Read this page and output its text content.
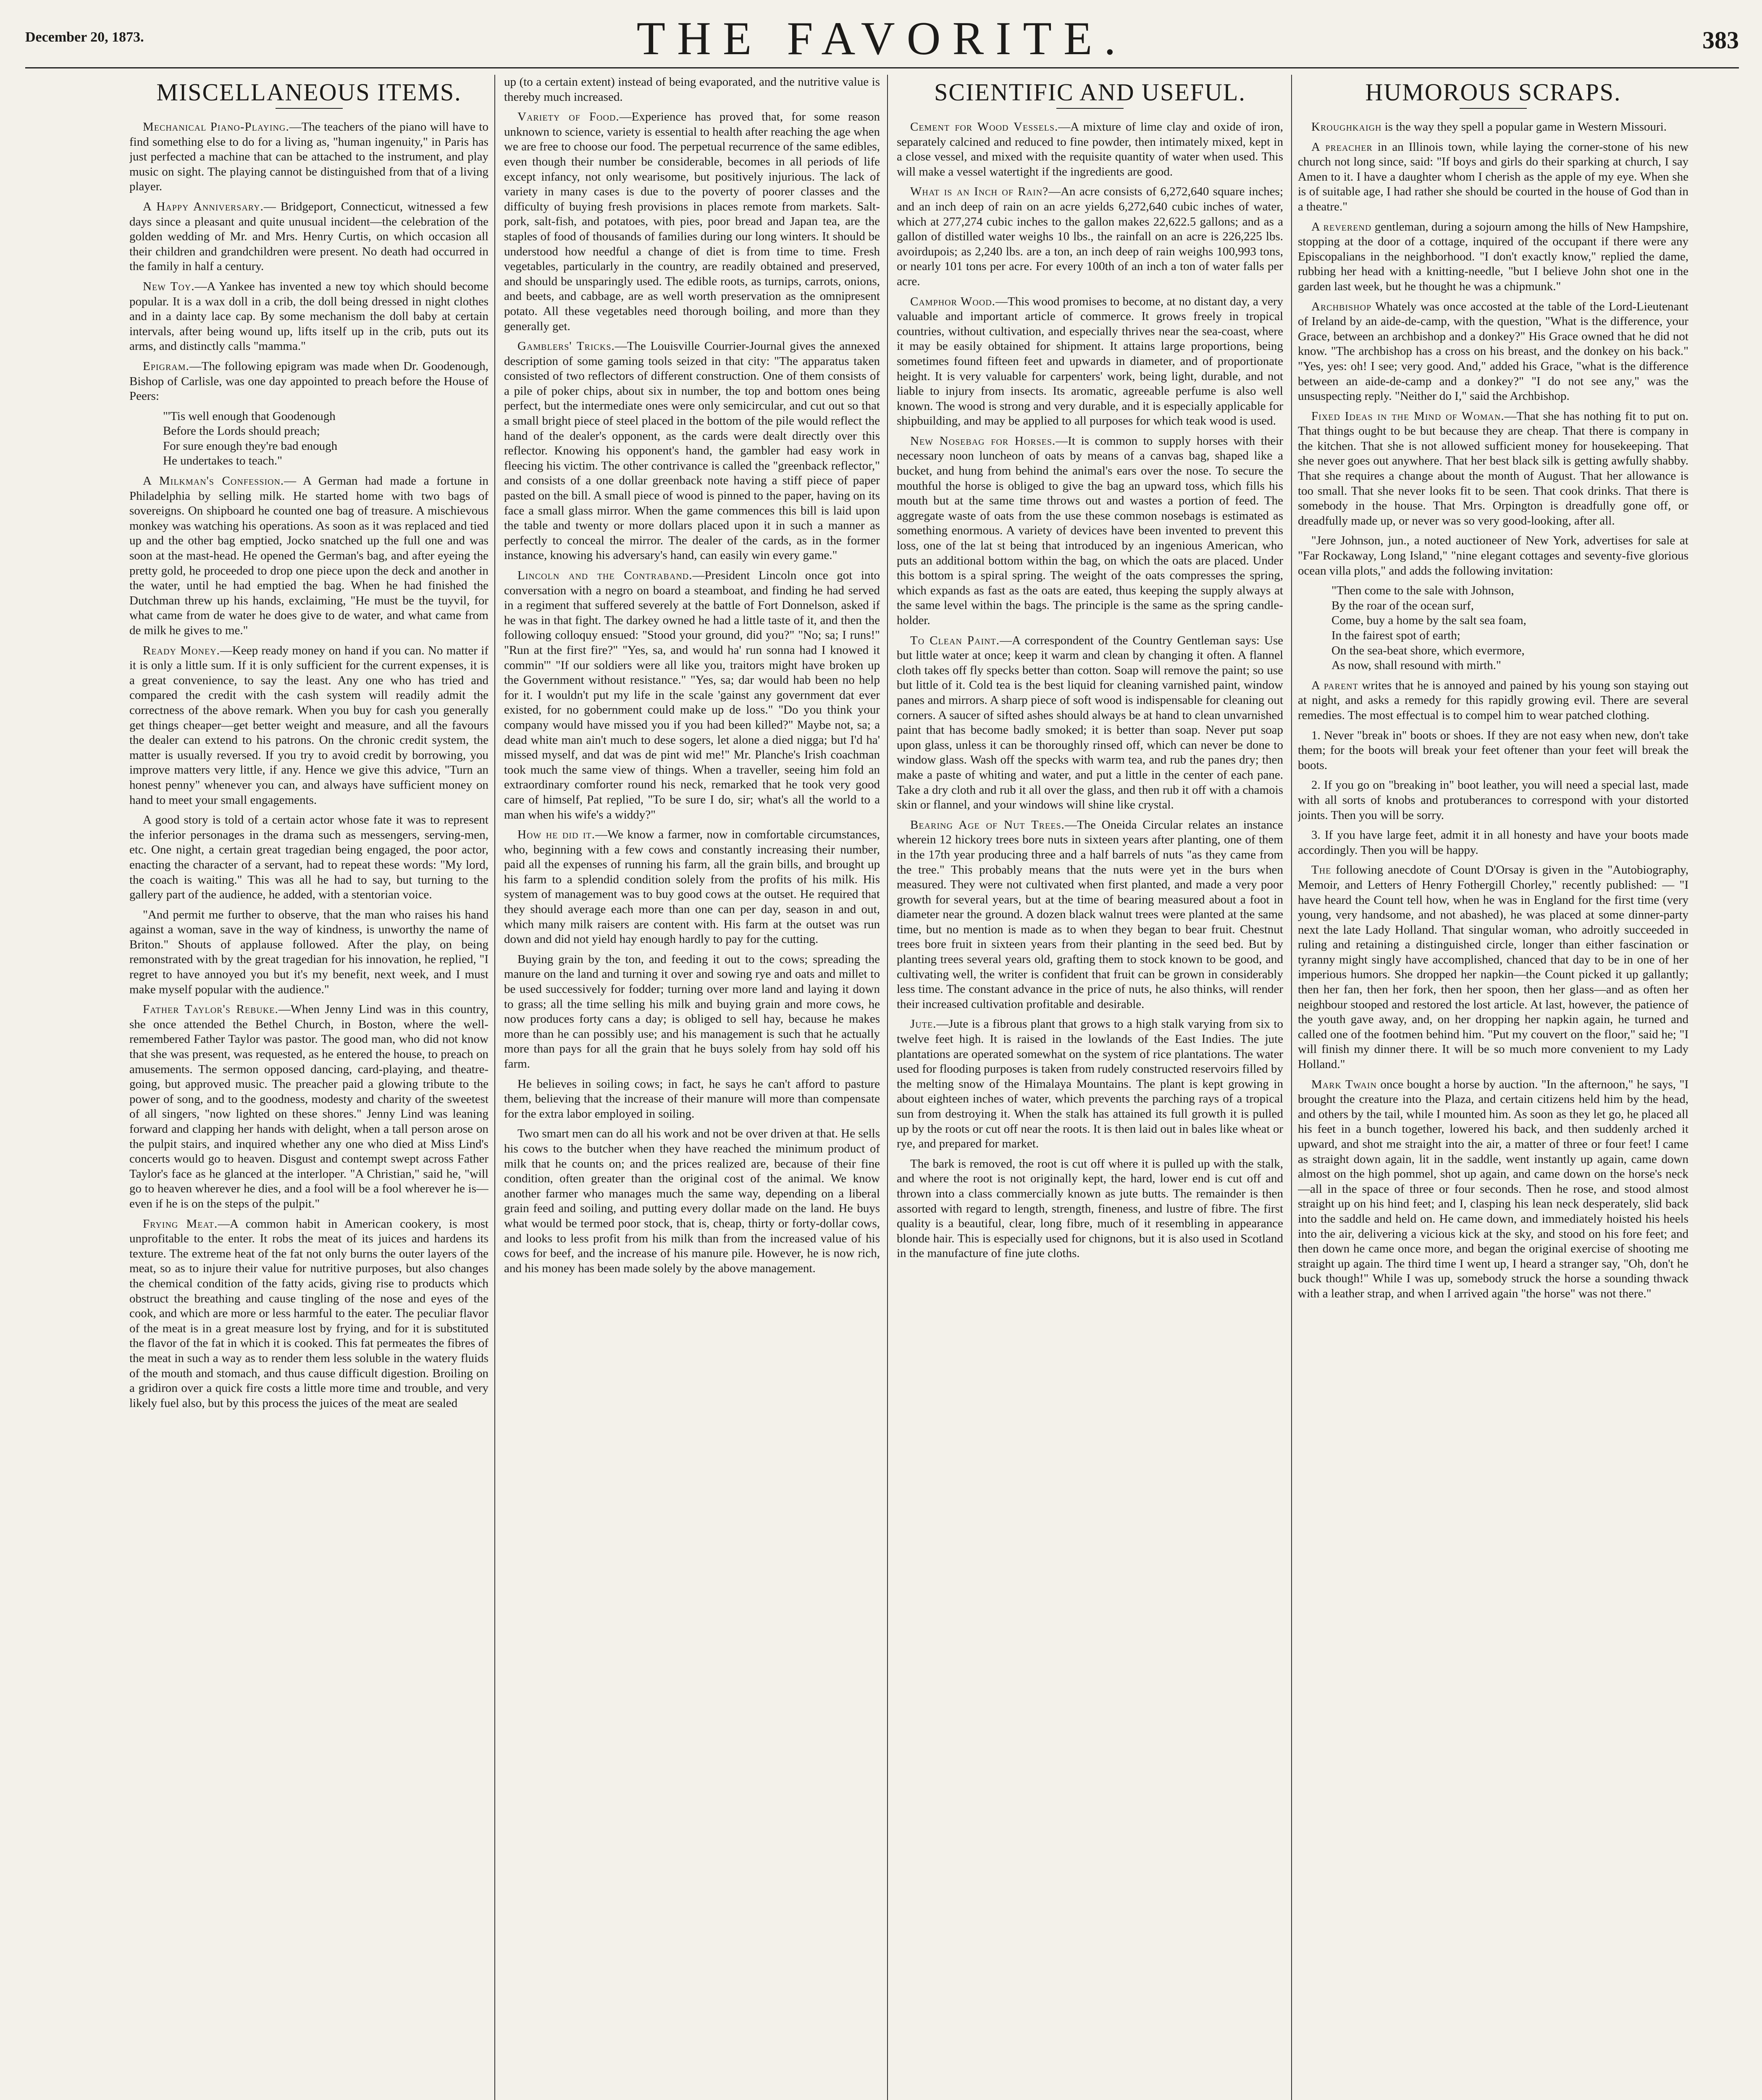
December 20, 1873.	THE FAVORITE.	383
MISCELLANEOUS ITEMS.

Mechanical Piano-Playing.—The teachers of the piano will have to find something else to do for a living as, "human ingenuity," in Paris has just perfected a machine that can be attached to the instrument, and play music on sight. The playing cannot be distinguished from that of a living player.

A Happy Anniversary.— Bridgeport, Connecticut, witnessed a few days since a pleasant and quite unusual incident—the celebration of the golden wedding of Mr. and Mrs. Henry Curtis, on which occasion all their children and grandchildren were present. No death had occurred in the family in half a century.

New Toy.—A Yankee has invented a new toy which should become popular. It is a wax doll in a crib, the doll being dressed in night clothes and in a dainty lace cap. By some mechanism the doll baby at certain intervals, after being wound up, lifts itself up in the crib, puts out its arms, and distinctly calls "mamma."

Epigram.—The following epigram was made when Dr. Goodenough, Bishop of Carlisle, was one day appointed to preach before the House of Peers:

"'Tis well enough that Goodenough
Before the Lords should preach;
For sure enough they're bad enough
He undertakes to teach."

A Milkman's Confession.— A German had made a fortune in Philadelphia by selling milk. He started home with two bags of sovereigns. On shipboard he counted one bag of treasure. A mischievous monkey was watching his operations. As soon as it was replaced and tied up and the other bag emptied, Jocko snatched up the full one and was soon at the mast-head. He opened the German's bag, and after eyeing the pretty gold, he proceeded to drop one piece upon the deck and another in the water, until he had emptied the bag. When he had finished the Dutchman threw up his hands, exclaiming, "He must be the tuyvil, for what came from de water he does give to de water, and what came from de milk he gives to me."

Ready Money.—Keep ready money on hand if you can. No matter if it is only a little sum. If it is only sufficient for the current expenses, it is a great convenience, to say the least. Any one who has tried and compared the credit with the cash system will readily admit the correctness of the above remark. When you buy for cash you generally get things cheaper—get better weight and measure, and all the favours the dealer can extend to his patrons. On the chronic credit system, the matter is usually reversed. If you try to avoid credit by borrowing, you improve matters very little, if any. Hence we give this advice, "Turn an honest penny" whenever you can, and always have sufficient money on hand to meet your small engagements.

A good story is told of a certain actor whose fate it was to represent the inferior personages in the drama such as messengers, serving-men, etc. One night, a certain great tragedian being engaged, the poor actor, enacting the character of a servant, had to repeat these words: "My lord, the coach is waiting." This was all he had to say, but turning to the gallery part of the audience, he added, with a stentorian voice.

"And permit me further to observe, that the man who raises his hand against a woman, save in the way of kindness, is unworthy the name of Briton." Shouts of applause followed. After the play, on being remonstrated with by the great tragedian for his innovation, he replied, "I regret to have annoyed you but it's my benefit, next week, and I must make myself popular with the audience."

Father Taylor's Rebuke.—When Jenny Lind was in this country, she once attended the Bethel Church, in Boston, where the well-remembered Father Taylor was pastor. The good man, who did not know that she was present, was requested, as he entered the house, to preach on amusements. The sermon opposed dancing, card-playing, and theatre-going, but approved music. The preacher paid a glowing tribute to the power of song, and to the goodness, modesty and charity of the sweetest of all singers, "now lighted on these shores." Jenny Lind was leaning forward and clapping her hands with delight, when a tall person arose on the pulpit stairs, and inquired whether any one who died at Miss Lind's concerts would go to heaven. Disgust and contempt swept across Father Taylor's face as he glanced at the interloper. "A Christian," said he, "will go to heaven wherever he dies, and a fool will be a fool wherever he is—even if he is on the steps of the pulpit."

Frying Meat.—A common habit in American cookery, is most unprofitable to the enter. It robs the meat of its juices and hardens its texture. The extreme heat of the fat not only burns the outer layers of the meat, so as to injure their value for nutritive purposes, but also changes the chemical condition of the fatty acids, giving rise to products which obstruct the breathing and cause tingling of the nose and eyes of the cook, and which are more or less harmful to the eater. The peculiar flavor of the meat is in a great measure lost by frying, and for it is substituted the flavor of the fat in which it is cooked. This fat permeates the fibres of the meat in such a way as to render them less soluble in the watery fluids of the mouth and stomach, and thus cause difficult digestion. Broiling on a gridiron over a quick fire costs a little more time and trouble, and very likely fuel also, but by this process the juices of the meat are sealed

up (to a certain extent) instead of being evaporated, and the nutritive value is thereby much increased.

Variety of Food.—Experience has proved that, for some reason unknown to science, variety is essential to health after reaching the age when we are free to choose our food. The perpetual recurrence of the same edibles, even though their number be considerable, becomes in all periods of life except infancy, not only wearisome, but positively injurious. The lack of variety in many cases is due to the poverty of poorer classes and the difficulty of buying fresh provisions in places remote from markets. Salt-pork, salt-fish, and potatoes, with pies, poor bread and Japan tea, are the staples of food of thousands of families during our long winters. It should be understood how needful a change of diet is from time to time. Fresh vegetables, particularly in the country, are readily obtained and preserved, and should be unsparingly used. The edible roots, as turnips, carrots, onions, and beets, and cabbage, are as well worth preservation as the omnipresent potato. All these vegetables need thorough boiling, and more than they generally get.

Gamblers' Tricks.—The Louisville Courrier-Journal gives the annexed description of some gaming tools seized in that city: "The apparatus taken consisted of two reflectors of different construction. One of them consists of a pile of poker chips, about six in number, the top and bottom ones being perfect, but the intermediate ones were only semicircular, and cut out so that a small bright piece of steel placed in the bottom of the pile would reflect the hand of the dealer's opponent, as the cards were dealt directly over this reflector. Knowing his opponent's hand, the gambler had easy work in fleecing his victim. The other contrivance is called the "greenback reflector," and consists of a one dollar greenback note having a stiff piece of paper pasted on the bill. A small piece of wood is pinned to the paper, having on its face a small glass mirror. When the game commences this bill is laid upon the table and twenty or more dollars placed upon it in such a manner as perfectly to conceal the mirror. The dealer of the cards, as in the former instance, knowing his adversary's hand, can easily win every game."

Lincoln and the Contraband.—President Lincoln once got into conversation with a negro on board a steamboat, and finding he had served in a regiment that suffered severely at the battle of Fort Donnelson, asked if he was in that fight. The darkey owned he had a little taste of it, and then the following colloquy ensued: "Stood your ground, did you?" "No; sa; I runs!" "Run at the first fire?" "Yes, sa, and would ha' run sonna had I knowed it commin'" "If our soldiers were all like you, traitors might have broken up the Government without resistance." "Yes, sa; dar would hab been no help for it. I wouldn't put my life in the scale 'gainst any government dat ever existed, for no gobernment could make up de loss." "Do you think your company would have missed you if you had been killed?" Maybe not, sa; a dead white man ain't much to dese sogers, let alone a died nigga; but I'd ha' missed myself, and dat was de pint wid me!" Mr. Planche's Irish coachman took much the same view of things. When a traveller, seeing him fold an extraordinary comforter round his neck, remarked that he took very good care of himself, Pat replied, "To be sure I do, sir; what's all the world to a man when his wife's a widdy?"

How he did it.—We know a farmer, now in comfortable circumstances, who, beginning with a few cows and constantly increasing their number, paid all the expenses of running his farm, all the grain bills, and brought up his farm to a splendid condition solely from the profits of his milk. His system of management was to buy good cows at the outset. He required that they should average each more than one can per day, season in and out, which many milk raisers are content with. His farm at the outset was run down and did not yield hay enough hardly to pay for the cutting.

Buying grain by the ton, and feeding it out to the cows; spreading the manure on the land and turning it over and sowing rye and oats and millet to be used successively for fodder; turning over more land and laying it down to grass; all the time selling his milk and buying grain and more cows, he now produces forty cans a day; is obliged to sell hay, because he makes more than he can possibly use; and his management is such that he actually more than pays for all the grain that he buys solely from hay sold off his farm.

He believes in soiling cows; in fact, he says he can't afford to pasture them, believing that the increase of their manure will more than compensate for the extra labor employed in soiling.

Two smart men can do all his work and not be over driven at that. He sells his cows to the butcher when they have reached the minimum product of milk that he counts on; and the prices realized are, because of their fine condition, often greater than the original cost of the animal. We know another farmer who manages much the same way, depending on a liberal grain feed and soiling, and putting every dollar made on the land. He buys what would be termed poor stock, that is, cheap, thirty or forty-dollar cows, and looks to less profit from his milk than from the increased value of his cows for beef, and the increase of his manure pile. However, he is now rich, and his money has been made solely by the above management.

SCIENTIFIC AND USEFUL.

Cement for Wood Vessels.—A mixture of lime clay and oxide of iron, separately calcined and reduced to fine powder, then intimately mixed, kept in a close vessel, and mixed with the requisite quantity of water when used. This will make a vessel watertight if the ingredients are good.

What is an Inch of Rain?—An acre consists of 6,272,640 square inches; and an inch deep of rain on an acre yields 6,272,640 cubic inches of water, which at 277,274 cubic inches to the gallon makes 22,622.5 gallons; and as a gallon of distilled water weighs 10 lbs., the rainfall on an acre is 226,225 lbs. avoirdupois; as 2,240 lbs. are a ton, an inch deep of rain weighs 100,993 tons, or nearly 101 tons per acre. For every 100th of an inch a ton of water falls per acre.

Camphor Wood.—This wood promises to become, at no distant day, a very valuable and important article of commerce. It grows freely in tropical countries, without cultivation, and especially thrives near the sea-coast, where it may be easily obtained for shipment. It attains large proportions, being sometimes found fifteen feet and upwards in diameter, and of proportionate height. It is very valuable for carpenters' work, being light, durable, and not liable to injury from insects. Its aromatic, agreeable perfume is also well known. The wood is strong and very durable, and it is especially applicable for shipbuilding, and may be applied to all purposes for which teak wood is used.

New Nosebag for Horses.—It is common to supply horses with their necessary noon luncheon of oats by means of a canvas bag, shaped like a bucket, and hung from behind the animal's ears over the nose. To secure the mouthful the horse is obliged to give the bag an upward toss, which fills his mouth but at the same time throws out and wastes a portion of feed. The aggregate waste of oats from the use these common nosebags is estimated as something enormous. A variety of devices have been invented to prevent this loss, one of the lat st being that introduced by an ingenious American, who puts an additional bottom within the bag, on which the oats are placed. Under this bottom is a spiral spring. The weight of the oats compresses the spring, which expands as fast as the oats are eated, thus keeping the supply always at the same level within the bags. The principle is the same as the spring candle-holder.

To Clean Paint.—A correspondent of the Country Gentleman says: Use but little water at once; keep it warm and clean by changing it often. A flannel cloth takes off fly specks better than cotton. Soap will remove the paint; so use but little of it. Cold tea is the best liquid for cleaning varnished paint, window panes and mirrors. A sharp piece of soft wood is indispensable for cleaning out corners. A saucer of sifted ashes should always be at hand to clean unvarnished paint that has become badly smoked; it is better than soap. Never put soap upon glass, unless it can be thoroughly rinsed off, which can never be done to window glass. Wash off the specks with warm tea, and rub the panes dry; then make a paste of whiting and water, and put a little in the center of each pane. Take a dry cloth and rub it all over the glass, and then rub it off with a chamois skin or flannel, and your windows will shine like crystal.

Bearing Age of Nut Trees.—The Oneida Circular relates an instance wherein 12 hickory trees bore nuts in sixteen years after planting, one of them in the 17th year producing three and a half barrels of nuts "as they came from the tree." This probably means that the nuts were yet in the burs when measured. They were not cultivated when first planted, and made a very poor growth for several years, but at the time of bearing measured about a foot in diameter near the ground. A dozen black walnut trees were planted at the same time, but no mention is made as to when they began to bear fruit. Chestnut trees bore fruit in sixteen years from their planting in the seed bed. But by planting trees several years old, grafting them to stock known to be good, and cultivating well, the writer is confident that fruit can be grown in considerably less time. The constant advance in the price of nuts, he also thinks, will render their increased cultivation profitable and desirable.

Jute.—Jute is a fibrous plant that grows to a high stalk varying from six to twelve feet high. It is raised in the lowlands of the East Indies. The jute plantations are operated somewhat on the system of rice plantations. The water used for flooding purposes is taken from rudely constructed reservoirs filled by the melting snow of the Himalaya Mountains. The plant is kept growing in about eighteen inches of water, which prevents the parching rays of a tropical sun from destroying it. When the stalk has attained its full growth it is pulled up by the roots or cut off near the roots. It is then laid out in bales like wheat or rye, and prepared for market.

The bark is removed, the root is cut off where it is pulled up with the stalk, and where the root is not originally kept, the hard, lower end is cut off and thrown into a class commercially known as jute butts. The remainder is then assorted with regard to length, strength, fineness, and lustre of fibre. The first quality is a beautiful, clear, long fibre, much of it resembling in appearance blonde hair. This is especially used for chignons, but it is also used in Scotland in the manufacture of fine jute cloths.

HUMOROUS SCRAPS.

Kroughkaigh is the way they spell a popular game in Western Missouri.

A preacher in an Illinois town, while laying the corner-stone of his new church not long since, said: "If boys and girls do their sparking at church, I say Amen to it. I have a daughter whom I cherish as the apple of my eye. When she is of suitable age, I had rather she should be courted in the house of God than in a theatre."

A reverend gentleman, during a sojourn among the hills of New Hampshire, stopping at the door of a cottage, inquired of the occupant if there were any Episcopalians in the neighborhood. "I don't exactly know," replied the dame, rubbing her head with a knitting-needle, "but I believe John shot one in the garden last week, but he thought he was a chipmunk."

Archbishop Whately was once accosted at the table of the Lord-Lieutenant of Ireland by an aide-de-camp, with the question, "What is the difference, your Grace, between an archbishop and a donkey?" His Grace owned that he did not know. "The archbishop has a cross on his breast, and the donkey on his back." "Yes, yes: oh! I see; very good. And," added his Grace, "what is the difference between an aide-de-camp and a donkey?" "I do not see any," was the unsuspecting reply. "Neither do I," said the Archbishop.

Fixed Ideas in the Mind of Woman.—That she has nothing fit to put on. That things ought to be but because they are cheap. That there is company in the kitchen. That she is not allowed sufficient money for housekeeping. That she never goes out anywhere. That her best black silk is getting awfully shabby. That she requires a change about the month of August. That her allowance is too small. That she never looks fit to be seen. That cook drinks. That there is somebody in the house. That Mrs. Orpington is dreadfully gone off, or dreadfully made up, or never was so very good-looking, after all.

"Jere Johnson, jun., a noted auctioneer of New York, advertises for sale at "Far Rockaway, Long Island," "nine elegant cottages and seventy-five glorious ocean villa plots," and adds the following invitation:

"Then come to the sale with Johnson,
By the roar of the ocean surf,
Come, buy a home by the salt sea foam,
In the fairest spot of earth;
On the sea-beat shore, which evermore,
As now, shall resound with mirth."

A parent writes that he is annoyed and pained by his young son staying out at night, and asks a remedy for this rapidly growing evil. There are several remedies. The most effectual is to compel him to wear patched clothing.

1. Never "break in" boots or shoes. If they are not easy when new, don't take them; for the boots will break your feet oftener than your feet will break the boots.

2. If you go on "breaking in" boot leather, you will need a special last, made with all sorts of knobs and protuberances to correspond with your distorted joints. Then you will be sorry.

3. If you have large feet, admit it in all honesty and have your boots made accordingly. Then you will be happy.

The following anecdote of Count D'Orsay is given in the "Autobiography, Memoir, and Letters of Henry Fothergill Chorley," recently published: — "I have heard the Count tell how, when he was in England for the first time (very young, very handsome, and not abashed), he was placed at some dinner-party next the late Lady Holland. That singular woman, who adroitly succeeded in ruling and retaining a distinguished circle, longer than either fascination or tyranny might singly have accomplished, chanced that day to be in one of her imperious humors. She dropped her napkin—the Count picked it up gallantly; then her fan, then her fork, then her spoon, then her glass—and as often her neighbour stooped and restored the lost article. At last, however, the patience of the youth gave away, and, on her dropping her napkin again, he turned and called one of the footmen behind him. "Put my couvert on the floor," said he; "I will finish my dinner there. It will be so much more convenient to my Lady Holland."

Mark Twain once bought a horse by auction. "In the afternoon," he says, "I brought the creature into the Plaza, and certain citizens held him by the head, and others by the tail, while I mounted him. As soon as they let go, he placed all his feet in a bunch together, lowered his back, and then suddenly arched it upward, and shot me straight into the air, a matter of three or four feet! I came as straight down again, lit in the saddle, went instantly up again, came down almost on the high pommel, shot up again, and came down on the horse's neck—all in the space of three or four seconds. Then he rose, and stood almost straight up on his hind feet; and I, clasping his lean neck desperately, slid back into the saddle and held on. He came down, and immediately hoisted his heels into the air, delivering a vicious kick at the sky, and stood on his fore feet; and then down he came once more, and began the original exercise of shooting me straight up again. The third time I went up, I heard a stranger say, "Oh, don't he buck though!" While I was up, somebody struck the horse a sounding thwack with a leather strap, and when I arrived again "the horse" was not there."
